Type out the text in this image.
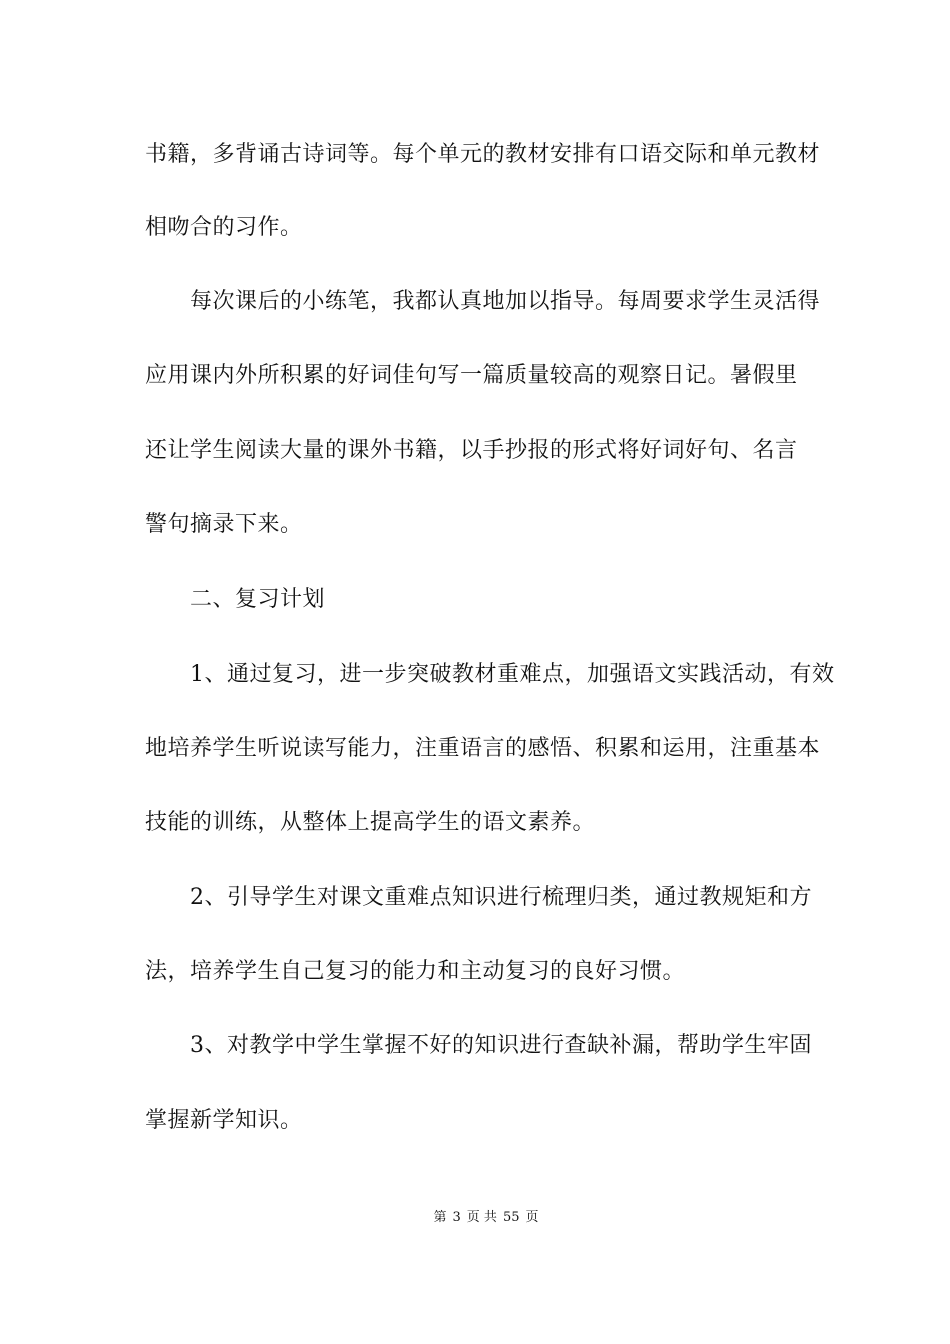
书籍，多背诵古诗词等。每个单元的教材安排有口语交际和单元教材
相吻合的习作。
每次课后的小练笔，我都认真地加以指导。每周要求学生灵活得
应用课内外所积累的好词佳句写一篇质量较高的观察日记。暑假里
还让学生阅读大量的课外书籍，以手抄报的形式将好词好句、名言
警句摘录下来。
二、复习计划
1、通过复习，进一步突破教材重难点，加强语文实践活动，有效
地培养学生听说读写能力，注重语言的感悟、积累和运用，注重基本
技能的训练，从整体上提高学生的语文素养。
2、引导学生对课文重难点知识进行梳理归类，通过教规矩和方
法，培养学生自己复习的能力和主动复习的良好习惯。
3、对教学中学生掌握不好的知识进行查缺补漏，帮助学生牢固
掌握新学知识。
第 3 页 共 55 页
